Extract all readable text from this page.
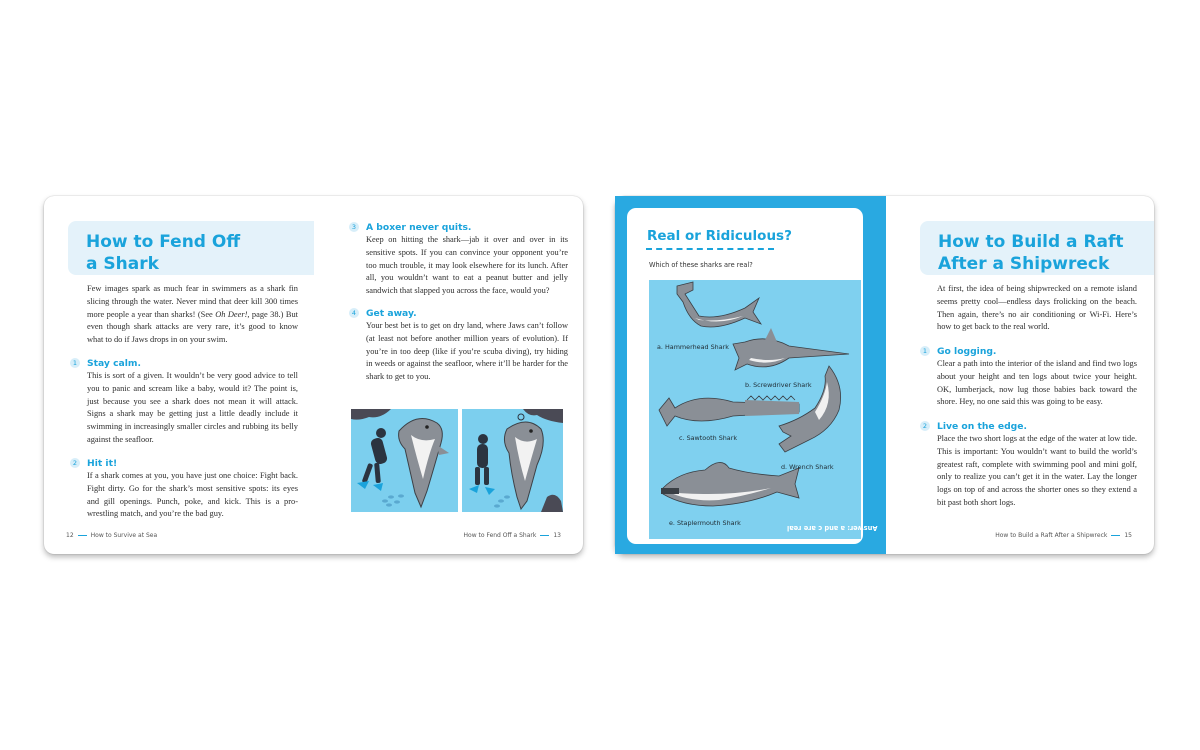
How to Fend Off
a Shark

Few images spark as much fear in swimmers as a shark fin slicing through the water. Never mind that deer kill 300 times more people a year than sharks! (See Oh Deer!, page 38.) But even though shark attacks are very rare, it’s good to know what to do if Jaws drops in on your swim.

1	Stay calm.
This is sort of a given. It wouldn’t be very good advice to tell you to panic and scream like a baby, would it? The point is, just because you see a shark does not mean it will attack. Signs a shark may be getting just a little deadly include it swimming in increasingly smaller circles and rubbing its belly against the seafloor.
2	Hit it!
If a shark comes at you, you have just one choice: Fight back. Fight dirty. Go for the shark’s most sensitive spots: its eyes and gill openings. Punch, poke, and kick. This is a pro-wrestling match, and you’re the bad guy.
12	How to Survive at Sea
3	A boxer never quits.
Keep on hitting the shark—jab it over and over in its sensitive spots. If you can convince your opponent you’re too much trouble, it may look elsewhere for its lunch. After all, you wouldn’t want to eat a peanut butter and jelly sandwich that slapped you across the face, would you?
4	Get away.
Your best bet is to get on dry land, where Jaws can’t follow (at least not before another million years of evolution). If you’re in too deep (like if you’re scuba diving), try hiding in weeds or against the seafloor, where it’ll be harder for the shark to get to you.
How to Fend Off a Shark	13
Real or Ridiculous?
Which of these sharks are real?
a. Hammerhead Shark
b. Screwdriver Shark
c. Sawtooth Shark
d. Wrench Shark
e. Staplermouth Shark
Answer: a and c are real
How to Build a Raft
After a Shipwreck
At first, the idea of being shipwrecked on a remote island seems pretty cool—endless days frolicking on the beach. Then again, there’s no air conditioning or Wi-Fi. Here’s how to get back to the real world.
1	Go logging.
Clear a path into the interior of the island and find two logs about your height and ten logs about twice your height. OK, lumberjack, now lug those babies back toward the shore. Hey, no one said this was going to be easy.
2	Live on the edge.
Place the two short logs at the edge of the water at low tide. This is important: You wouldn’t want to build the world’s greatest raft, complete with swimming pool and mini golf, only to realize you can’t get it in the water. Lay the longer logs on top of and across the shorter ones so they extend a bit past both short logs.
How to Build a Raft After a Shipwreck	15
